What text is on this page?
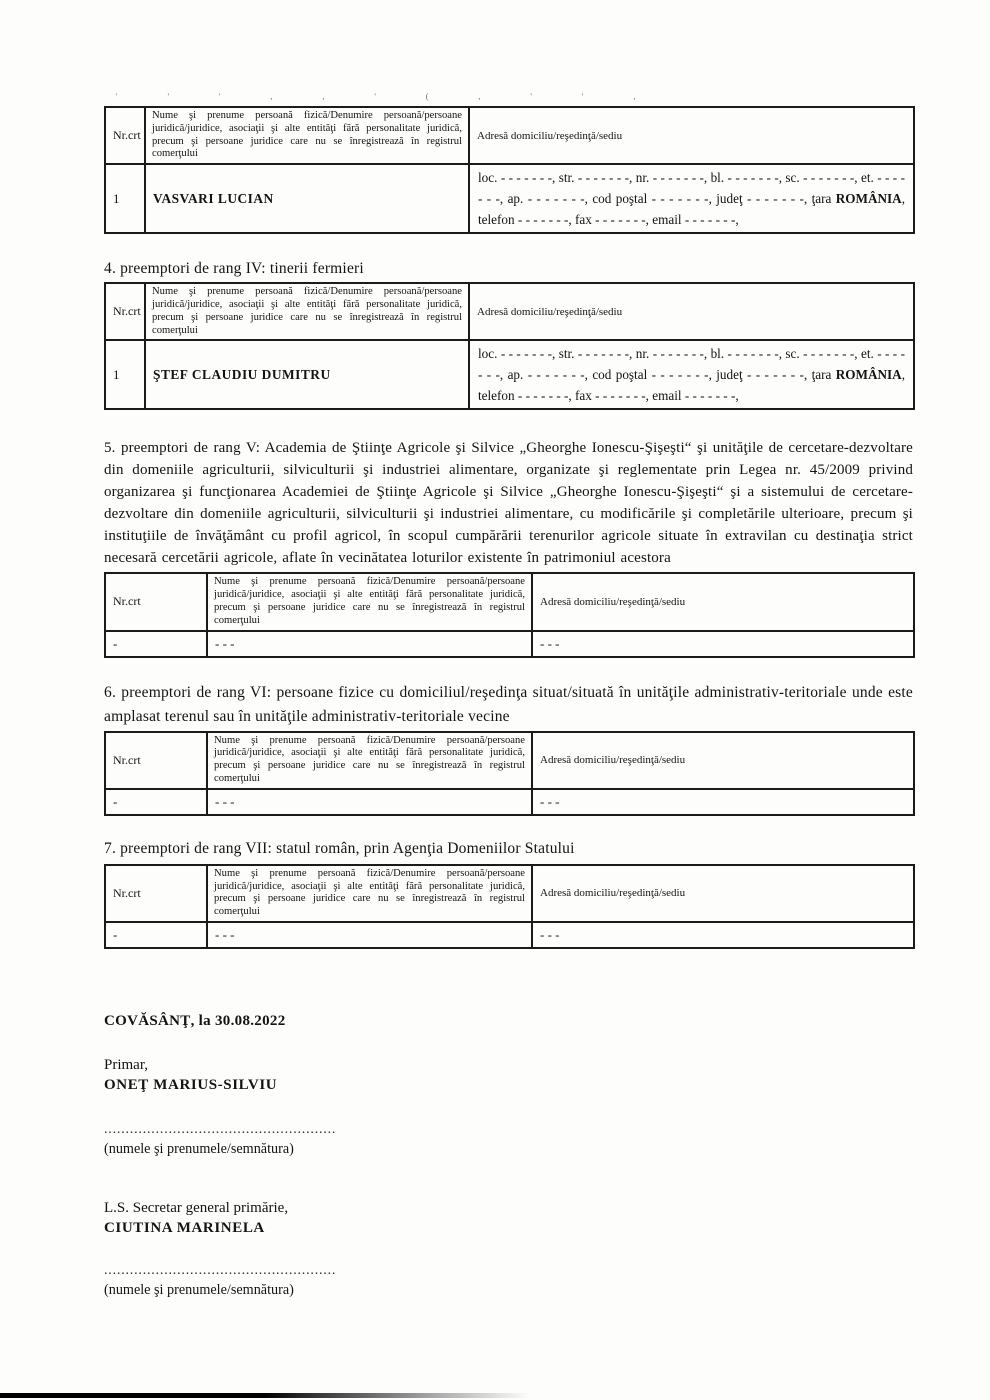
' ' ' , , ' ( , ' ' ,
Nr.crt	Nume şi prenume persoană fizică/Denumire persoană/persoane juridică/juridice, asociaţii şi alte entităţi fără personalitate juridică, precum şi persoane juridice care nu se înregistrează în registrul comerţului	Adresă domiciliu/reşedinţă/sediu
1	VASVARI LUCIAN	loc. - - - - - - -, str. - - - - - - -, nr. - - - - - - -, bl. - - - - - - -, sc. - - - - - - -, et. - - - - - - -, ap. - - - - - - -, cod poştal - - - - - - -, judeţ - - - - - - -, ţara ROMÂNIA, telefon - - - - - - -, fax - - - - - - -, email - - - - - - -,
4. preemptori de rang IV: tinerii fermieri
Nr.crt	Nume şi prenume persoană fizică/Denumire persoană/persoane juridică/juridice, asociaţii şi alte entităţi fără personalitate juridică, precum şi persoane juridice care nu se înregistrează în registrul comerţului	Adresă domiciliu/reşedinţă/sediu
1	ŞTEF CLAUDIU DUMITRU	loc. - - - - - - -, str. - - - - - - -, nr. - - - - - - -, bl. - - - - - - -, sc. - - - - - - -, et. - - - - - - -, ap. - - - - - - -, cod poştal - - - - - - -, judeţ - - - - - - -, ţara ROMÂNIA, telefon - - - - - - -, fax - - - - - - -, email - - - - - - -,
5. preemptori de rang V: Academia de Ştiinţe Agricole şi Silvice „Gheorghe Ionescu-Şişeşti“ şi unităţile de cercetare-dezvoltare din domeniile agriculturii, silviculturii şi industriei alimentare, organizate şi reglementate prin Legea nr. 45/2009 privind organizarea şi funcţionarea Academiei de Ştiinţe Agricole şi Silvice „Gheorghe Ionescu-Şişeşti“ şi a sistemului de cercetare-dezvoltare din domeniile agriculturii, silviculturii şi industriei alimentare, cu modificările şi completările ulterioare, precum şi instituţiile de învăţământ cu profil agricol, în scopul cumpărării terenurilor agricole situate în extravilan cu destinaţia strict necesară cercetării agricole, aflate în vecinătatea loturilor existente în patrimoniul acestora
Nr.crt	Nume şi prenume persoană fizică/Denumire persoană/persoane juridică/juridice, asociaţii şi alte entităţi fără personalitate juridică, precum şi persoane juridice care nu se înregistrează în registrul comerţului	Adresă domiciliu/reşedinţă/sediu
-	- - -	- - -
6. preemptori de rang VI: persoane fizice cu domiciliul/reşedinţa situat/situată în unităţile administrativ-teritoriale unde este amplasat terenul sau în unităţile administrativ-teritoriale vecine
Nr.crt	Nume şi prenume persoană fizică/Denumire persoană/persoane juridică/juridice, asociaţii şi alte entităţi fără personalitate juridică, precum şi persoane juridice care nu se înregistrează în registrul comerţului	Adresă domiciliu/reşedinţă/sediu
-	- - -	- - -
7. preemptori de rang VII: statul român, prin Agenţia Domeniilor Statului
Nr.crt	Nume şi prenume persoană fizică/Denumire persoană/persoane juridică/juridice, asociaţii şi alte entităţi fără personalitate juridică, precum şi persoane juridice care nu se înregistrează în registrul comerţului	Adresă domiciliu/reşedinţă/sediu
-	- - -	- - -
COVĂSÂNŢ, la 30.08.2022
Primar,
ONEŢ MARIUS-SILVIU
......................................................
(numele şi prenumele/semnătura)
L.S. Secretar general primărie,
CIUTINA MARINELA
......................................................
(numele şi prenumele/semnătura)
